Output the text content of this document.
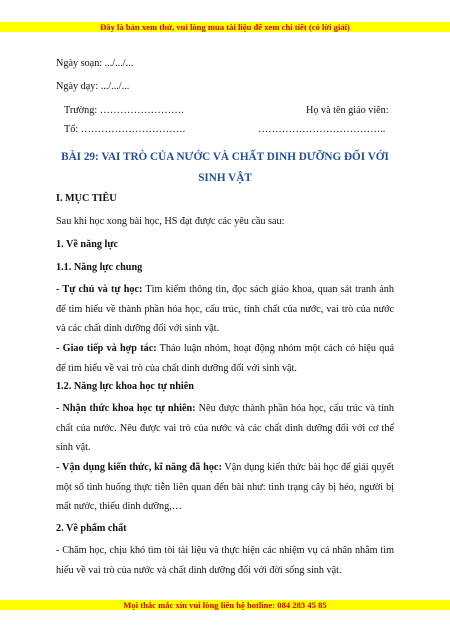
Đây là bản xem thử, vui lòng mua tài liệu để xem chi tiết (có lời giải)
Ngày soạn: .../.../...
Ngày dạy: .../.../...
Trường: …………………….	Họ và tên giáo viên:
Tổ: ………………………….	………………………………..
BÀI 29: VAI TRÒ CỦA NƯỚC VÀ CHẤT DINH DƯỠNG ĐỐI VỚI
SINH VẬT
I. MỤC TIÊU
Sau khi học xong bài học, HS đạt được các yêu cầu sau:
1. Về năng lực
1.1. Năng lực chung
- Tự chủ và tự học: Tìm kiếm thông tin, đọc sách giáo khoa, quan sát tranh ảnh để tìm hiểu về thành phần hóa học, cấu trúc, tính chất của nước, vai trò của nước và các chất dinh dưỡng đối với sinh vật.
- Giao tiếp và hợp tác: Thảo luận nhóm, hoạt động nhóm một cách có hiệu quả để tìm hiểu về vai trò của chất dinh dưỡng đối với sinh vật.
1.2. Năng lực khoa học tự nhiên
- Nhận thức khoa học tự nhiên: Nêu được thành phần hóa học, cấu trúc và tính chất của nước. Nêu được vai trò của nước và các chất dinh dưỡng đối với cơ thể sinh vật.
- Vận dụng kiến thức, kĩ năng đã học: Vận dụng kiến thức bài học để giải quyết một số tình huống thực tiễn liên quan đến bài như: tình trạng cây bị héo, người bị mất nước, thiếu dinh dưỡng,…
2. Về phẩm chất
- Chăm học, chịu khó tìm tòi tài liệu và thực hiện các nhiệm vụ cá nhân nhằm tìm hiểu về vai trò của nước và chất dinh dưỡng đối với đời sống sinh vật.
Mọi thắc mắc xin vui lòng liên hệ hotline: 084 283 45 85
